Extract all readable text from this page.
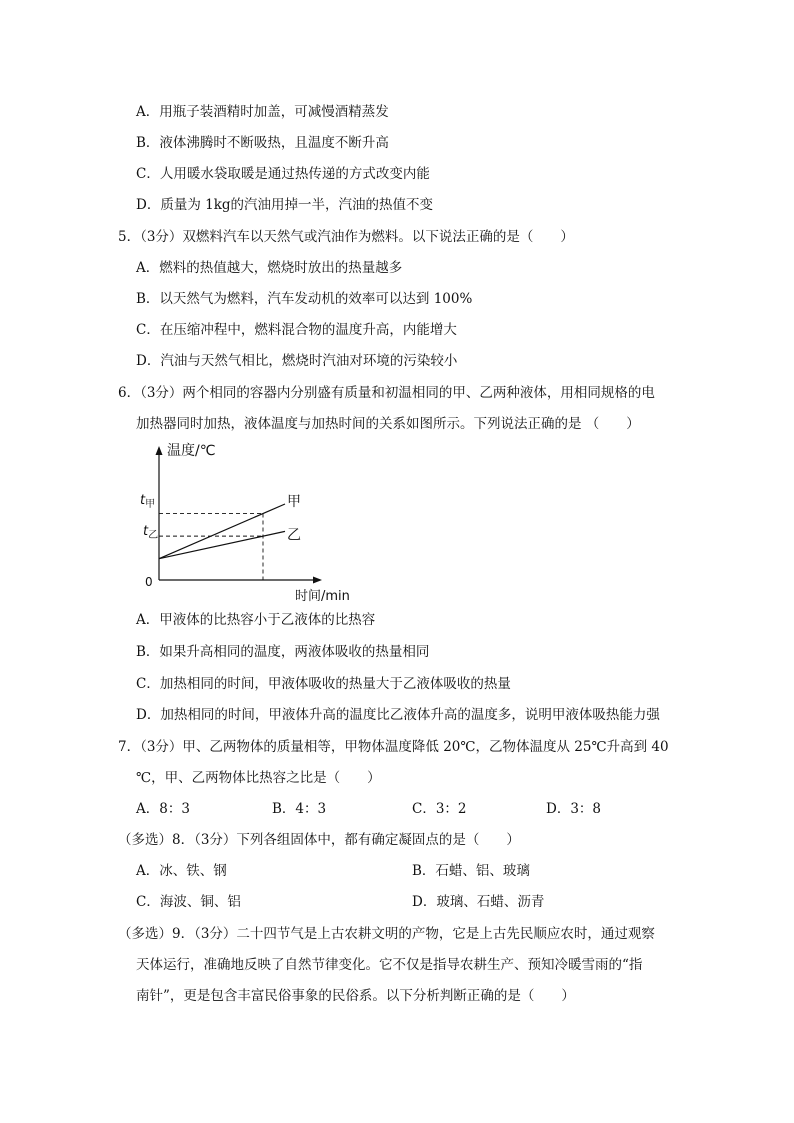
A．用瓶子装酒精时加盖，可减慢酒精蒸发
B．液体沸腾时不断吸热，且温度不断升高
C．人用暖水袋取暖是通过热传递的方式改变内能
D．质量为 1kg的汽油用掉一半，汽油的热值不变
5．（3分）双燃料汽车以天然气或汽油作为燃料。以下说法正确的是（　　）
A．燃料的热值越大，燃烧时放出的热量越多
B．以天然气为燃料，汽车发动机的效率可以达到 100%
C．在压缩冲程中，燃料混合物的温度升高，内能增大
D．汽油与天然气相比，燃烧时汽油对环境的污染较小
6．（3分）两个相同的容器内分别盛有质量和初温相同的甲、乙两种液体，用相同规格的电
加热器同时加热，液体温度与加热时间的关系如图所示。下列说法正确的是 （　　）
温度/℃
时间/min
0
$t_甲$
$t_乙$
甲
乙
A．甲液体的比热容小于乙液体的比热容
B．如果升高相同的温度，两液体吸收的热量相同
C．加热相同的时间，甲液体吸收的热量大于乙液体吸收的热量
D．加热相同的时间，甲液体升高的温度比乙液体升高的温度多，说明甲液体吸热能力强
7．（3分）甲、乙两物体的质量相等，甲物体温度降低 20℃，乙物体温度从 25℃升高到 40
℃，甲、乙两物体比热容之比是（　　）
A．8：3	B．4：3	C．3：2	D．3：8
（多选）8．（3分）下列各组固体中，都有确定凝固点的是（　　）
A．冰、铁、钢	B．石蜡、铝、玻璃
C．海波、铜、铝	D．玻璃、石蜡、沥青
（多选）9．（3分）二十四节气是上古农耕文明的产物，它是上古先民顺应农时，通过观察
天体运行，准确地反映了自然节律变化。它不仅是指导农耕生产、预知冷暖雪雨的“指
南针”，更是包含丰富民俗事象的民俗系。以下分析判断正确的是（　　）
